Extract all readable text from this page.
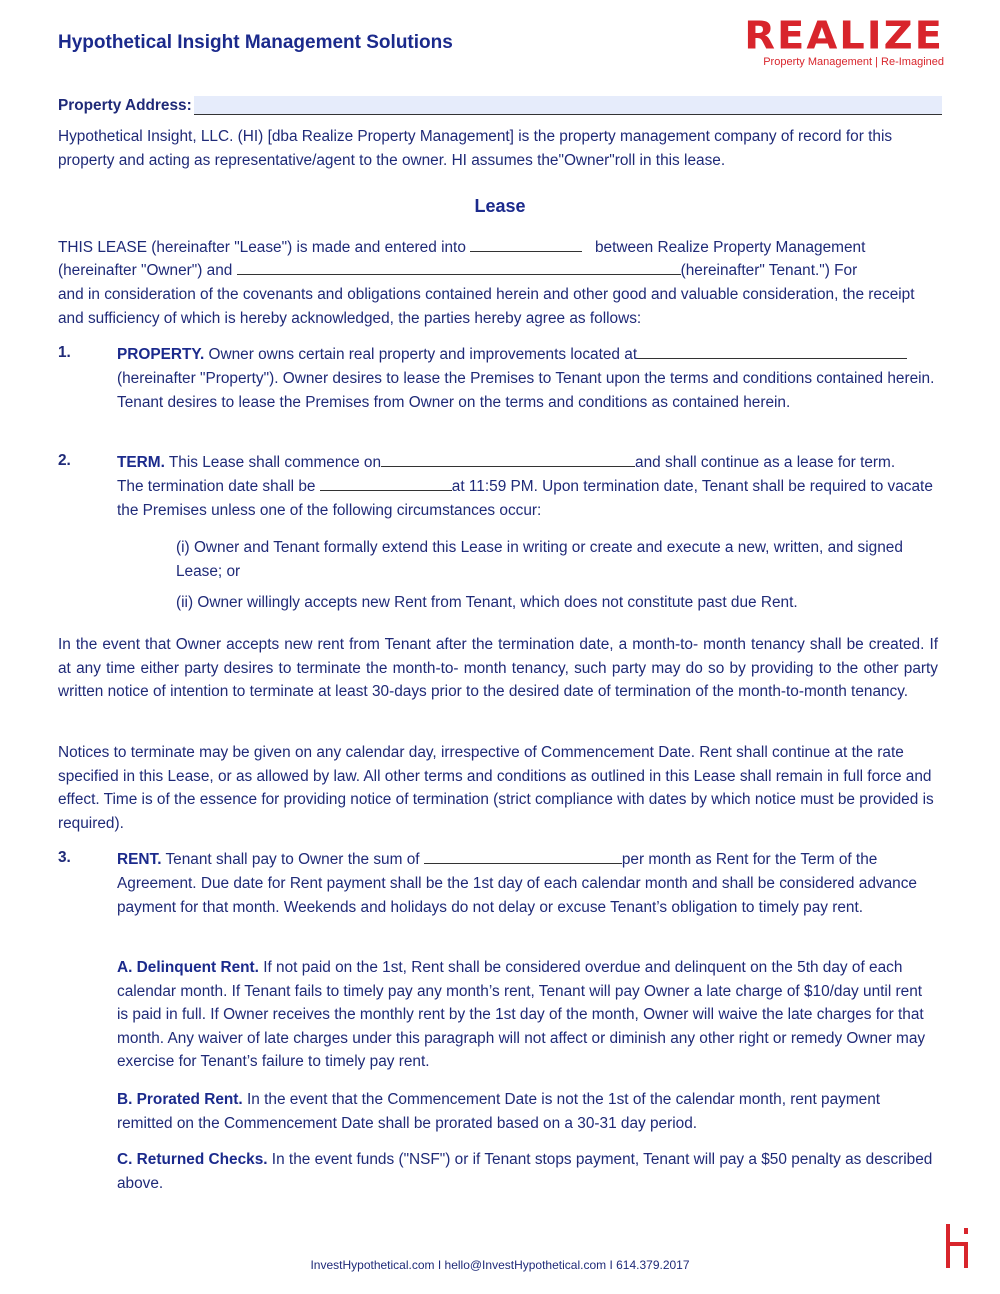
Hypothetical Insight Management Solutions	REALIZE
Property Management | Re-Imagined
Property Address:

Hypothetical Insight, LLC. (HI) [dba Realize Property Management] is the property management company of record for this property and acting as representative/agent to the owner. HI assumes the"Owner"roll in this lease.

Lease

THIS LEASE (hereinafter "Lease") is made and entered into	between Realize Property Management

(hereinafter "Owner") and	(hereinafter" Tenant.") For

and in consideration of the covenants and obligations contained herein and other good and valuable consideration, the receipt and sufficiency of which is hereby acknowledged, the parties hereby agree as follows:

1.	PROPERTY. Owner owns certain real property and improvements located at

(hereinafter "Property"). Owner desires to lease the Premises to Tenant upon the terms and conditions contained herein. Tenant desires to lease the Premises from Owner on the terms and conditions as contained herein.

2.	TERM. This Lease shall commence on	and shall continue as a lease for term.

The termination date shall be	at 11:59 PM. Upon termination date, Tenant shall be required to vacate the Premises unless one of the following circumstances occur:

(i) Owner and Tenant formally extend this Lease in writing or create and execute a new, written, and signed Lease; or

(ii) Owner willingly accepts new Rent from Tenant, which does not constitute past due Rent.

In the event that Owner accepts new rent from Tenant after the termination date, a month-to- month tenancy shall be created. If at any time either party desires to terminate the month-to- month tenancy, such party may do so by providing to the other party written notice of intention to terminate at least 30-days prior to the desired date of termination of the month-to-month tenancy.

Notices to terminate may be given on any calendar day, irrespective of Commencement Date. Rent shall continue at the rate specified in this Lease, or as allowed by law. All other terms and conditions as outlined in this Lease shall remain in full force and effect. Time is of the essence for providing notice of termination (strict compliance with dates by which notice must be provided is required).

3.	RENT. Tenant shall pay to Owner the sum of	per month as Rent for the Term of the

Agreement. Due date for Rent payment shall be the 1st day of each calendar month and shall be considered advance payment for that month. Weekends and holidays do not delay or excuse Tenant’s obligation to timely pay rent.

A. Delinquent Rent. If not paid on the 1st, Rent shall be considered overdue and delinquent on the 5th day of each calendar month. If Tenant fails to timely pay any month’s rent, Tenant will pay Owner a late charge of $10/day until rent is paid in full. If Owner receives the monthly rent by the 1st day of the month, Owner will waive the late charges for that month. Any waiver of late charges under this paragraph will not affect or diminish any other right or remedy Owner may exercise for Tenant’s failure to timely pay rent.

B. Prorated Rent. In the event that the Commencement Date is not the 1st of the calendar month, rent payment remitted on the Commencement Date shall be prorated based on a 30-31 day period.

C. Returned Checks. In the event funds ("NSF") or if Tenant stops payment, Tenant will pay a $50 penalty as described above.

InvestHypothetical.com I hello@InvestHypothetical.com I 614.379.2017
